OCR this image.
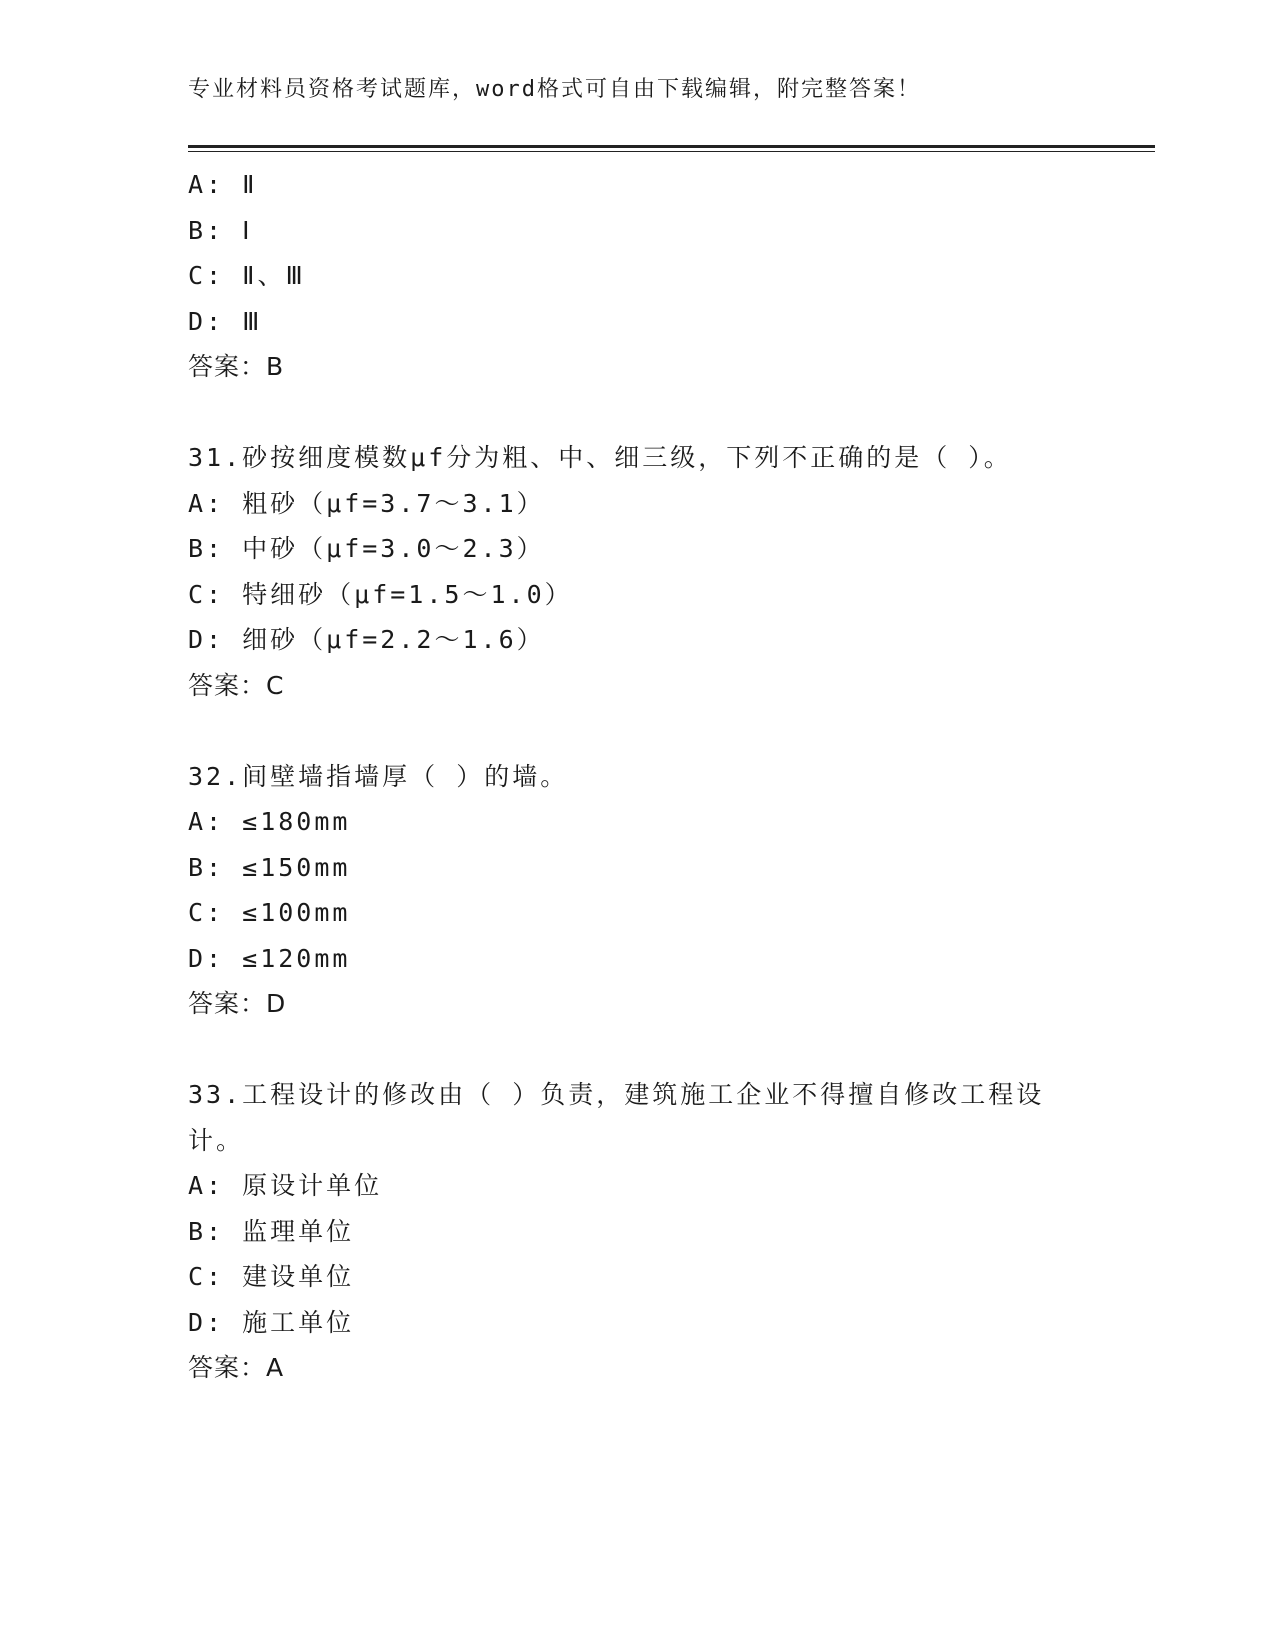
专业材料员资格考试题库，word格式可自由下载编辑，附完整答案！
A: Ⅱ
B: Ⅰ
C: Ⅱ、Ⅲ
D: Ⅲ
答案：B
31.砂按细度模数μf分为粗、中、细三级，下列不正确的是（ ）。
A: 粗砂（μf=3.7～3.1）
B: 中砂（μf=3.0～2.3）
C: 特细砂（μf=1.5～1.0）
D: 细砂（μf=2.2～1.6）
答案：C
32.间壁墙指墙厚（ ）的墙。
A: ≤180mm
B: ≤150mm
C: ≤100mm
D: ≤120mm
答案：D
33.工程设计的修改由（ ）负责，建筑施工企业不得擅自修改工程设
计。
A: 原设计单位
B: 监理单位
C: 建设单位
D: 施工单位
答案：A
